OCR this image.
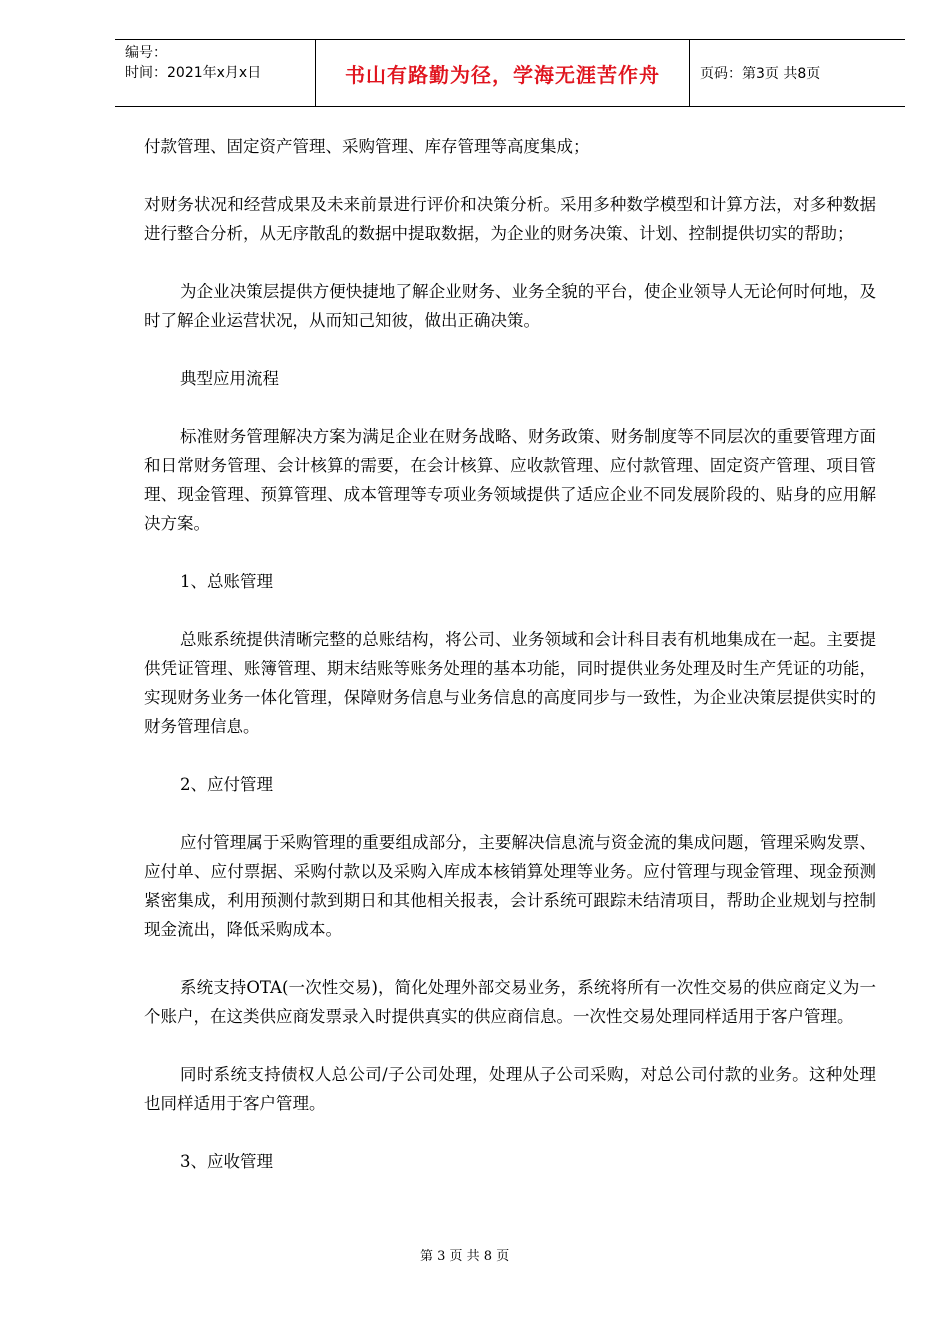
编号：
时间：2021年x月x日	书山有路勤为径，学海无涯苦作舟	页码：第3页 共8页

付款管理、固定资产管理、采购管理、库存管理等高度集成；

对财务状况和经营成果及未来前景进行评价和决策分析。采用多种数学模型和计算方法，对多种数据进行整合分析，从无序散乱的数据中提取数据，为企业的财务决策、计划、控制提供切实的帮助；

为企业决策层提供方便快捷地了解企业财务、业务全貌的平台，使企业领导人无论何时何地，及时了解企业运营状况，从而知己知彼，做出正确决策。

典型应用流程

标准财务管理解决方案为满足企业在财务战略、财务政策、财务制度等不同层次的重要管理方面和日常财务管理、会计核算的需要，在会计核算、应收款管理、应付款管理、固定资产管理、项目管理、现金管理、预算管理、成本管理等专项业务领域提供了适应企业不同发展阶段的、贴身的应用解决方案。

1、总账管理

总账系统提供清晰完整的总账结构，将公司、业务领域和会计科目表有机地集成在一起。主要提供凭证管理、账簿管理、期末结账等账务处理的基本功能，同时提供业务处理及时生产凭证的功能，实现财务业务一体化管理，保障财务信息与业务信息的高度同步与一致性，为企业决策层提供实时的财务管理信息。

2、应付管理

应付管理属于采购管理的重要组成部分，主要解决信息流与资金流的集成问题，管理采购发票、应付单、应付票据、采购付款以及采购入库成本核销算处理等业务。应付管理与现金管理、现金预测紧密集成，利用预测付款到期日和其他相关报表，会计系统可跟踪未结清项目，帮助企业规划与控制现金流出，降低采购成本。

系统支持OTA(一次性交易)，简化处理外部交易业务，系统将所有一次性交易的供应商定义为一个账户，在这类供应商发票录入时提供真实的供应商信息。一次性交易处理同样适用于客户管理。

同时系统支持债权人总公司/子公司处理，处理从子公司采购，对总公司付款的业务。这种处理也同样适用于客户管理。

3、应收管理

第 3 页 共 8 页
